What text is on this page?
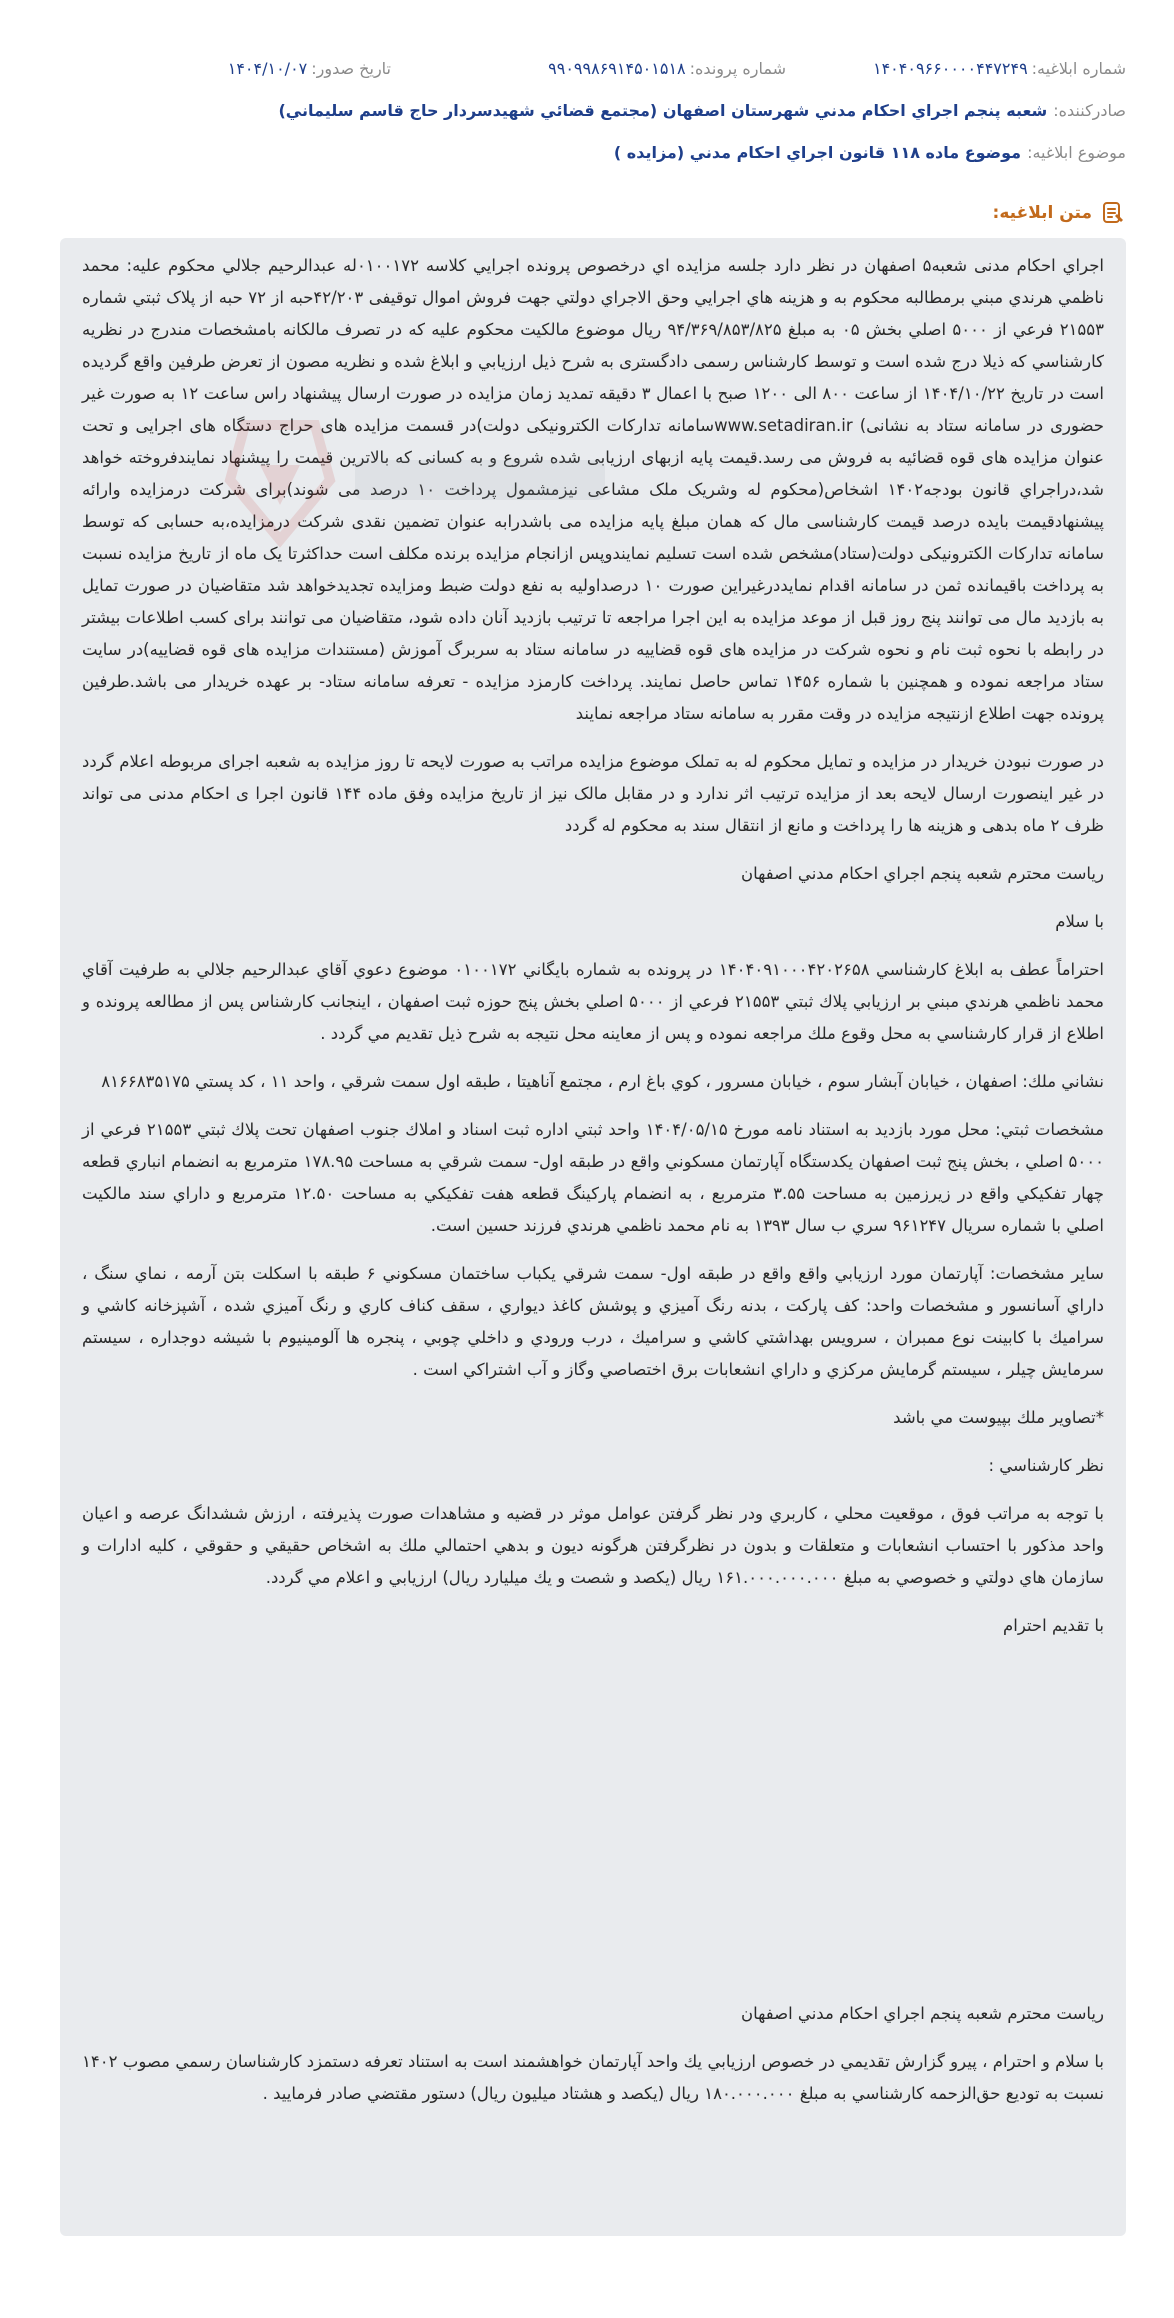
شماره ابلاغیه:
۱۴۰۴۰۹۶۶۰۰۰۰۴۴۷۲۴۹
شماره پرونده:
۹۹۰۹۹۸۶۹۱۴۵۰۱۵۱۸
تاریخ صدور:
۱۴۰۴/۱۰/۰۷
صادرکننده:
شعبه پنجم اجراي احكام مدني شهرستان اصفهان (مجتمع قضائي شهيدسردار حاج قاسم سليماني)
موضوع ابلاغیه:
موضوع ماده ۱۱۸ قانون اجراي احكام مدني (مزايده )
متن ابلاغیه:

اجراي احكام مدنی شعبه۵ اصفهان در نظر دارد جلسه مزايده اي درخصوص پرونده اجرايي كلاسه ۰۱۰۰۱۷۲له عبدالرحيم جلالي محكوم عليه: محمد ناظمي هرندي مبني برمطالبه محكوم به و هزينه هاي اجرايي وحق الاجراي دولتي جهت فروش اموال توقيفی ۴۲/۲۰۳حبه از ۷۲ حبه از پلاک ثبتي شماره ۲۱۵۵۳ فرعي از ۵۰۰۰ اصلي بخش ۰۵ به مبلغ ۹۴/۳۶۹/۸۵۳/۸۲۵ ريال موضوع مالكيت محكوم عليه كه در تصرف مالكانه بامشخصات مندرج در نظريه كارشناسي كه ذيلا درج شده است و توسط كارشناس رسمی دادگستری به شرح ذيل ارزيابي و ابلاغ شده و نظريه مصون از تعرض طرفين واقع گرديده است در تاريخ ۱۴۰۴/۱۰/۲۲ از ساعت ۸۰۰ الی ۱۲۰۰ صبح با اعمال ۳ دقيقه تمديد زمان مزايده در صورت ارسال پيشنهاد راس ساعت ۱۲ به صورت غير حضوری در سامانه ستاد به نشانی) www.setadiran.irسامانه تداركات الكترونيكی دولت)در قسمت مزايده های حراج دستگاه های اجرايی و تحت عنوان مزايده های قوه قضائيه به فروش می رسد.قيمت پايه ازبهای ارزيابی شده شروع و به كسانی كه بالاترين قيمت را پيشنهاد نمايندفروخته خواهد شد،دراجراي قانون بودجه۱۴۰۲ اشخاص(محكوم له وشريک ملک مشاعی نيزمشمول پرداخت ۱۰ درصد می شوند)برای شركت درمزايده وارائه پيشنهادقيمت بايده درصد قيمت كارشناسی مال كه همان مبلغ پايه مزايده می باشدرابه عنوان تضمين نقدی شركت درمزايده،به حسابی كه توسط سامانه تداركات الكترونيكی دولت(ستاد)مشخص شده است تسليم نمايندوپس ازانجام مزايده برنده مكلف است حداكثرتا يک ماه از تاريخ مزايده نسبت به پرداخت باقيمانده ثمن در سامانه اقدام نمايددرغيراين صورت ۱۰ درصداوليه به نفع دولت ضبط ومزايده تجديدخواهد شد متقاضيان در صورت تمايل به بازديد مال می توانند پنج روز قبل از موعد مزايده به اين اجرا مراجعه تا ترتيب بازديد آنان داده شود، متقاضيان می توانند برای كسب اطلاعات بيشتر در رابطه با نحوه ثبت نام و نحوه شركت در مزايده های قوه قضاييه در سامانه ستاد به سربرگ آموزش (مستندات مزايده های قوه قضاييه)در سايت ستاد مراجعه نموده و همچنين با شماره ۱۴۵۶ تماس حاصل نمايند. پرداخت كارمزد مزايده - تعرفه سامانه ستاد- بر عهده خريدار می باشد.طرفين پرونده جهت اطلاع ازنتيجه مزايده در وقت مقرر به سامانه ستاد مراجعه نمايند

در صورت نبودن خريدار در مزايده و تمايل محكوم له به تملک موضوع مزايده مراتب به صورت لايحه تا روز مزايده به شعبه اجرای مربوطه اعلام گردد در غير اينصورت ارسال لايحه بعد از مزايده ترتيب اثر ندارد و در مقابل مالک نيز از تاريخ مزايده وفق ماده ۱۴۴ قانون اجرا ی احكام مدنی می تواند ظرف ۲ ماه بدهی و هزينه ها را پرداخت و مانع از انتقال سند به محكوم له گردد

رياست محترم شعبه پنجم اجراي احكام مدني اصفهان

با سلام

احتراماً عطف به ابلاغ كارشناسي ۱۴۰۴۰۹۱۰۰۰۴۲۰۲۶۵۸ در پرونده به شماره بايگاني ۰۱۰۰۱۷۲ موضوع دعوي آقاي عبدالرحيم جلالي به طرفيت آقاي محمد ناظمي هرندي مبني بر ارزيابي پلاك ثبتي ۲۱۵۵۳ فرعي از ۵۰۰۰ اصلي بخش پنج حوزه ثبت اصفهان ، اينجانب كارشناس پس از مطالعه پرونده و اطلاع از قرار كارشناسي به محل وقوع ملك مراجعه نموده و پس از معاينه محل نتيجه به شرح ذيل تقديم مي گردد .

نشاني ملك: اصفهان ، خيابان آبشار سوم ، خيابان مسرور ، كوي باغ ارم ، مجتمع آناهيتا ، طبقه اول سمت شرقي ، واحد ۱۱ ، كد پستي ۸۱۶۶۸۳۵۱۷۵

مشخصات ثبتي: محل مورد بازديد به استناد نامه مورخ ۱۴۰۴/۰۵/۱۵ واحد ثبتي اداره ثبت اسناد و املاك جنوب اصفهان تحت پلاك ثبتي ۲۱۵۵۳ فرعي از ۵۰۰۰ اصلي ، بخش پنج ثبت اصفهان يكدستگاه آپارتمان مسكوني واقع در طبقه اول- سمت شرقي به مساحت ۱۷۸.۹۵ مترمربع به انضمام انباري قطعه چهار تفكيكي واقع در زيرزمين به مساحت ۳.۵۵ مترمربع ، به انضمام پاركينگ قطعه هفت تفكيكي به مساحت ۱۲.۵۰ مترمربع و داراي سند مالكيت اصلي با شماره سريال ۹۶۱۲۴۷ سري ب سال ۱۳۹۳ به نام محمد ناظمي هرندي فرزند حسين است.

ساير مشخصات: آپارتمان مورد ارزيابي واقع واقع در طبقه اول- سمت شرقي يكباب ساختمان مسكوني ۶ طبقه با اسكلت بتن آرمه ، نماي سنگ ، داراي آسانسور و مشخصات واحد: كف پاركت ، بدنه رنگ آميزي و پوشش كاغذ ديواري ، سقف كناف كاري و رنگ آميزي شده ، آشپزخانه كاشي و سراميك با كابينت نوع ممبران ، سرويس بهداشتي كاشي و سراميك ، درب ورودي و داخلي چوبي ، پنجره ها آلومينيوم با شيشه دوجداره ، سيستم سرمايش چيلر ، سيستم گرمايش مركزي و داراي انشعابات برق اختصاصي وگاز و آب اشتراكي است .

*تصاوير ملك بپيوست مي باشد

نظر كارشناسي :

با توجه به مراتب فوق ، موقعيت محلي ، كاربري ودر نظر گرفتن عوامل موثر در قضيه و مشاهدات صورت پذيرفته ، ارزش ششدانگ عرصه و اعيان واحد مذكور با احتساب انشعابات و متعلقات و بدون در نظرگرفتن هرگونه ديون و بدهي احتمالي ملك به اشخاص حقيقي و حقوقي ، كليه ادارات و سازمان هاي دولتي و خصوصي به مبلغ ۱۶۱.۰۰۰.۰۰۰.۰۰۰ ريال (يكصد و شصت و يك ميليارد ريال) ارزيابي و اعلام مي گردد.

با تقديم احترام

رياست محترم شعبه پنجم اجراي احكام مدني اصفهان

با سلام و احترام ، پيرو گزارش تقديمي در خصوص ارزيابي يك واحد آپارتمان خواهشمند است به استناد تعرفه دستمزد كارشناسان رسمي مصوب ۱۴۰۲ نسبت به توديع حق‌الزحمه كارشناسي به مبلغ ۱۸۰.۰۰۰.۰۰۰ ريال (يكصد و هشتاد ميليون ريال) دستور مقتضي صادر فرماييد .
